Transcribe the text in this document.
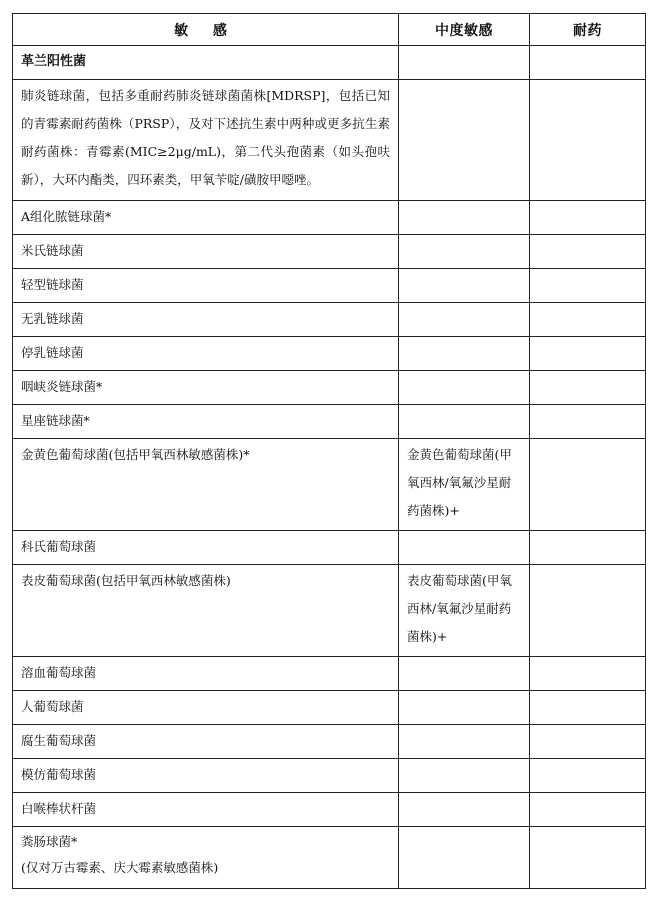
敏 感	中度敏感	耐药

革兰阳性菌		

肺炎链球菌，包括多重耐药肺炎链球菌菌株[MDRSP]，包括已知的青霉素耐药菌株（PRSP），及对下述抗生素中两种或更多抗生素耐药菌株：青霉素(MIC≥2μg/mL)，第二代头孢菌素（如头孢呋新），大环内酯类，四环素类，甲氧苄啶/磺胺甲噁唑。		

A组化脓链球菌*		

米氏链球菌		

轻型链球菌		

无乳链球菌		

停乳链球菌		

咽峡炎链球菌*		

星座链球菌*		

金黄色葡萄球菌(包括甲氧西林敏感菌株)*	金黄色葡萄球菌(甲氧西林/氧氟沙星耐药菌株)+	

科氏葡萄球菌		

表皮葡萄球菌(包括甲氧西林敏感菌株)	表皮葡萄球菌(甲氧西林/氧氟沙星耐药菌株)+	

溶血葡萄球菌		

人葡萄球菌		

腐生葡萄球菌		

模仿葡萄球菌		

白喉棒状杆菌		

粪肠球菌*
(仅对万古霉素、庆大霉素敏感菌株)		
